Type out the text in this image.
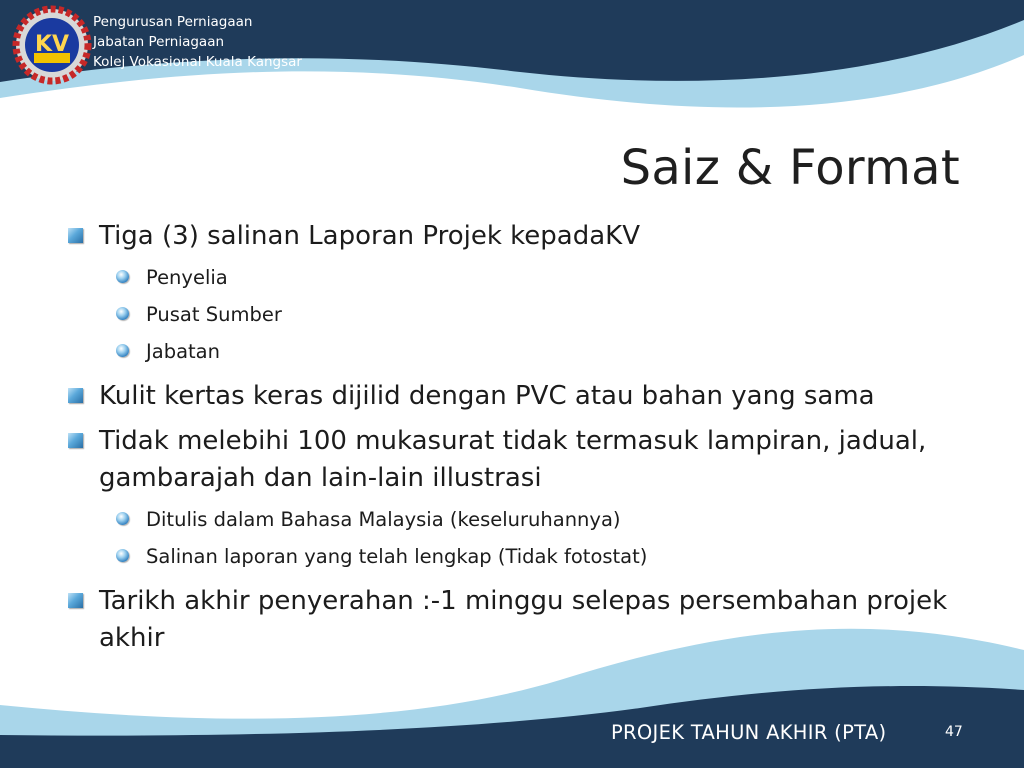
KV
Pengurusan Perniagaan
Jabatan Perniagaan
Kolej Vokasional Kuala Kangsar
Saiz & Format
Tiga (3) salinan Laporan Projek kepadaKV
Penyelia
Pusat Sumber
Jabatan
Kulit kertas keras dijilid dengan PVC atau bahan yang sama
Tidak melebihi 100 mukasurat tidak termasuk lampiran, jadual, gambarajah dan lain-lain illustrasi
Ditulis dalam Bahasa Malaysia (keseluruhannya)
Salinan laporan yang telah lengkap (Tidak fotostat)
Tarikh akhir penyerahan :-1 minggu selepas persembahan projek akhir
PROJEK TAHUN AKHIR (PTA)	47
